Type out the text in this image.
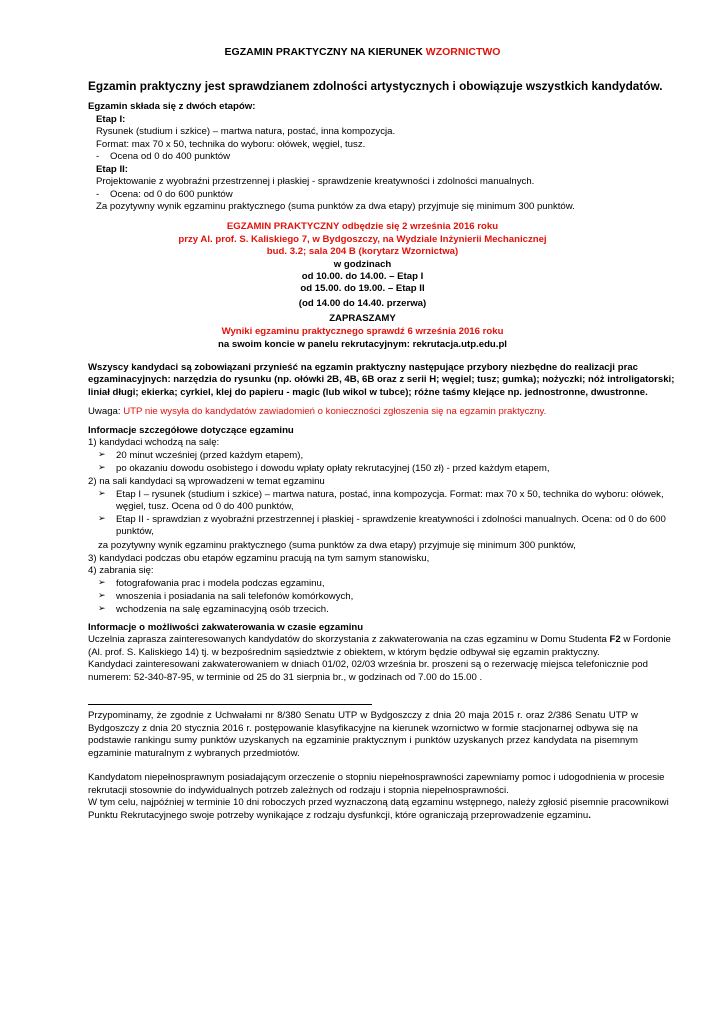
EGZAMIN PRAKTYCZNY NA KIERUNEK WZORNICTWO
Egzamin praktyczny jest sprawdzianem zdolności artystycznych i obowiązuje wszystkich kandydatów.
Egzamin składa się z dwóch etapów:
Etap I:
Rysunek (studium i szkice) – martwa natura, postać, inna kompozycja.
Format: max 70 x 50, technika do wyboru: ołówek, węgiel, tusz.
- Ocena od 0 do 400 punktów
Etap II:
Projektowanie z wyobraźni przestrzennej i płaskiej - sprawdzenie kreatywności i zdolności manualnych.
- Ocena: od 0 do 600 punktów
Za pozytywny wynik egzaminu praktycznego (suma punktów za dwa etapy) przyjmuje się minimum 300 punktów.
EGZAMIN PRAKTYCZNY odbędzie się 2 września 2016 roku
przy Al. prof. S. Kaliskiego 7, w Bydgoszczy, na Wydziale Inżynierii Mechanicznej
bud. 3.2; sala 204 B (korytarz Wzornictwa)
w godzinach
od 10.00. do 14.00. – Etap I
od 15.00. do 19.00. – Etap II
(od 14.00 do 14.40. przerwa)
ZAPRASZAMY
Wyniki egzaminu praktycznego sprawdź 6 września 2016 roku
na swoim koncie w panelu rekrutacyjnym: rekrutacja.utp.edu.pl
Wszyscy kandydaci są zobowiązani przynieść na egzamin praktyczny następujące przybory niezbędne do realizacji prac
egzaminacyjnych: narzędzia do rysunku (np. ołówki 2B, 4B, 6B oraz z serii H; węgiel; tusz; gumka); nożyczki; nóż introligatorski;
liniał długi; ekierka; cyrkiel, klej do papieru - magic (lub wikol w tubce); różne taśmy klejące np. jednostronne, dwustronne.
Uwaga: UTP nie wysyła do kandydatów zawiadomień o konieczności zgłoszenia się na egzamin praktyczny.
Informacje szczegółowe dotyczące egzaminu
1) kandydaci wchodzą na salę:
➢ 20 minut wcześniej (przed każdym etapem),
➢ po okazaniu dowodu osobistego i dowodu wpłaty opłaty rekrutacyjnej (150 zł) - przed każdym etapem,
2) na sali kandydaci są wprowadzeni w temat egzaminu
➢ Etap I – rysunek (studium i szkice) – martwa natura, postać, inna kompozycja. Format: max 70 x 50, technika do wyboru: ołówek,
węgiel, tusz. Ocena od 0 do 400 punktów,
➢ Etap II - sprawdzian z wyobraźni przestrzennej i płaskiej - sprawdzenie kreatywności i zdolności manualnych. Ocena: od 0 do 600
punktów,
za pozytywny wynik egzaminu praktycznego (suma punktów za dwa etapy) przyjmuje się minimum 300 punktów,
3) kandydaci podczas obu etapów egzaminu pracują na tym samym stanowisku,
4) zabrania się:
➢ fotografowania prac i modela podczas egzaminu,
➢ wnoszenia i posiadania na sali telefonów komórkowych,
➢ wchodzenia na salę egzaminacyjną osób trzecich.
Informacje o możliwości zakwaterowania w czasie egzaminu
Uczelnia zaprasza zainteresowanych kandydatów do skorzystania z zakwaterowania na czas egzaminu w Domu Studenta F2 w Fordonie
(Al. prof. S. Kaliskiego 14) tj. w bezpośrednim sąsiedztwie z obiektem, w którym będzie odbywał się egzamin praktyczny.
Kandydaci zainteresowani zakwaterowaniem w dniach 01/02, 02/03 września br. proszeni są o rezerwację miejsca telefonicznie pod
numerem: 52-340-87-95, w terminie od 25 do 31 sierpnia br., w godzinach od 7.00 do 15.00 .
Przypominamy, że zgodnie z Uchwałami nr 8/380 Senatu UTP w Bydgoszczy z dnia 20 maja 2015 r. oraz 2/386 Senatu UTP w
Bydgoszczy z dnia 20 stycznia 2016 r. postępowanie klasyfikacyjne na kierunek wzornictwo w formie stacjonarnej odbywa się na
podstawie rankingu sumy punktów uzyskanych na egzaminie praktycznym i punktów uzyskanych przez kandydata na pisemnym
egzaminie maturalnym z wybranych przedmiotów.
Kandydatom niepełnosprawnym posiadającym orzeczenie o stopniu niepełnosprawności zapewniamy pomoc i udogodnienia w procesie
rekrutacji stosownie do indywidualnych potrzeb zależnych od rodzaju i stopnia niepełnosprawności.
W tym celu, najpóźniej w terminie 10 dni roboczych przed wyznaczoną datą egzaminu wstępnego, należy zgłosić pisemnie pracownikowi
Punktu Rekrutacyjnego swoje potrzeby wynikające z rodzaju dysfunkcji, które ograniczają przeprowadzenie egzaminu.
